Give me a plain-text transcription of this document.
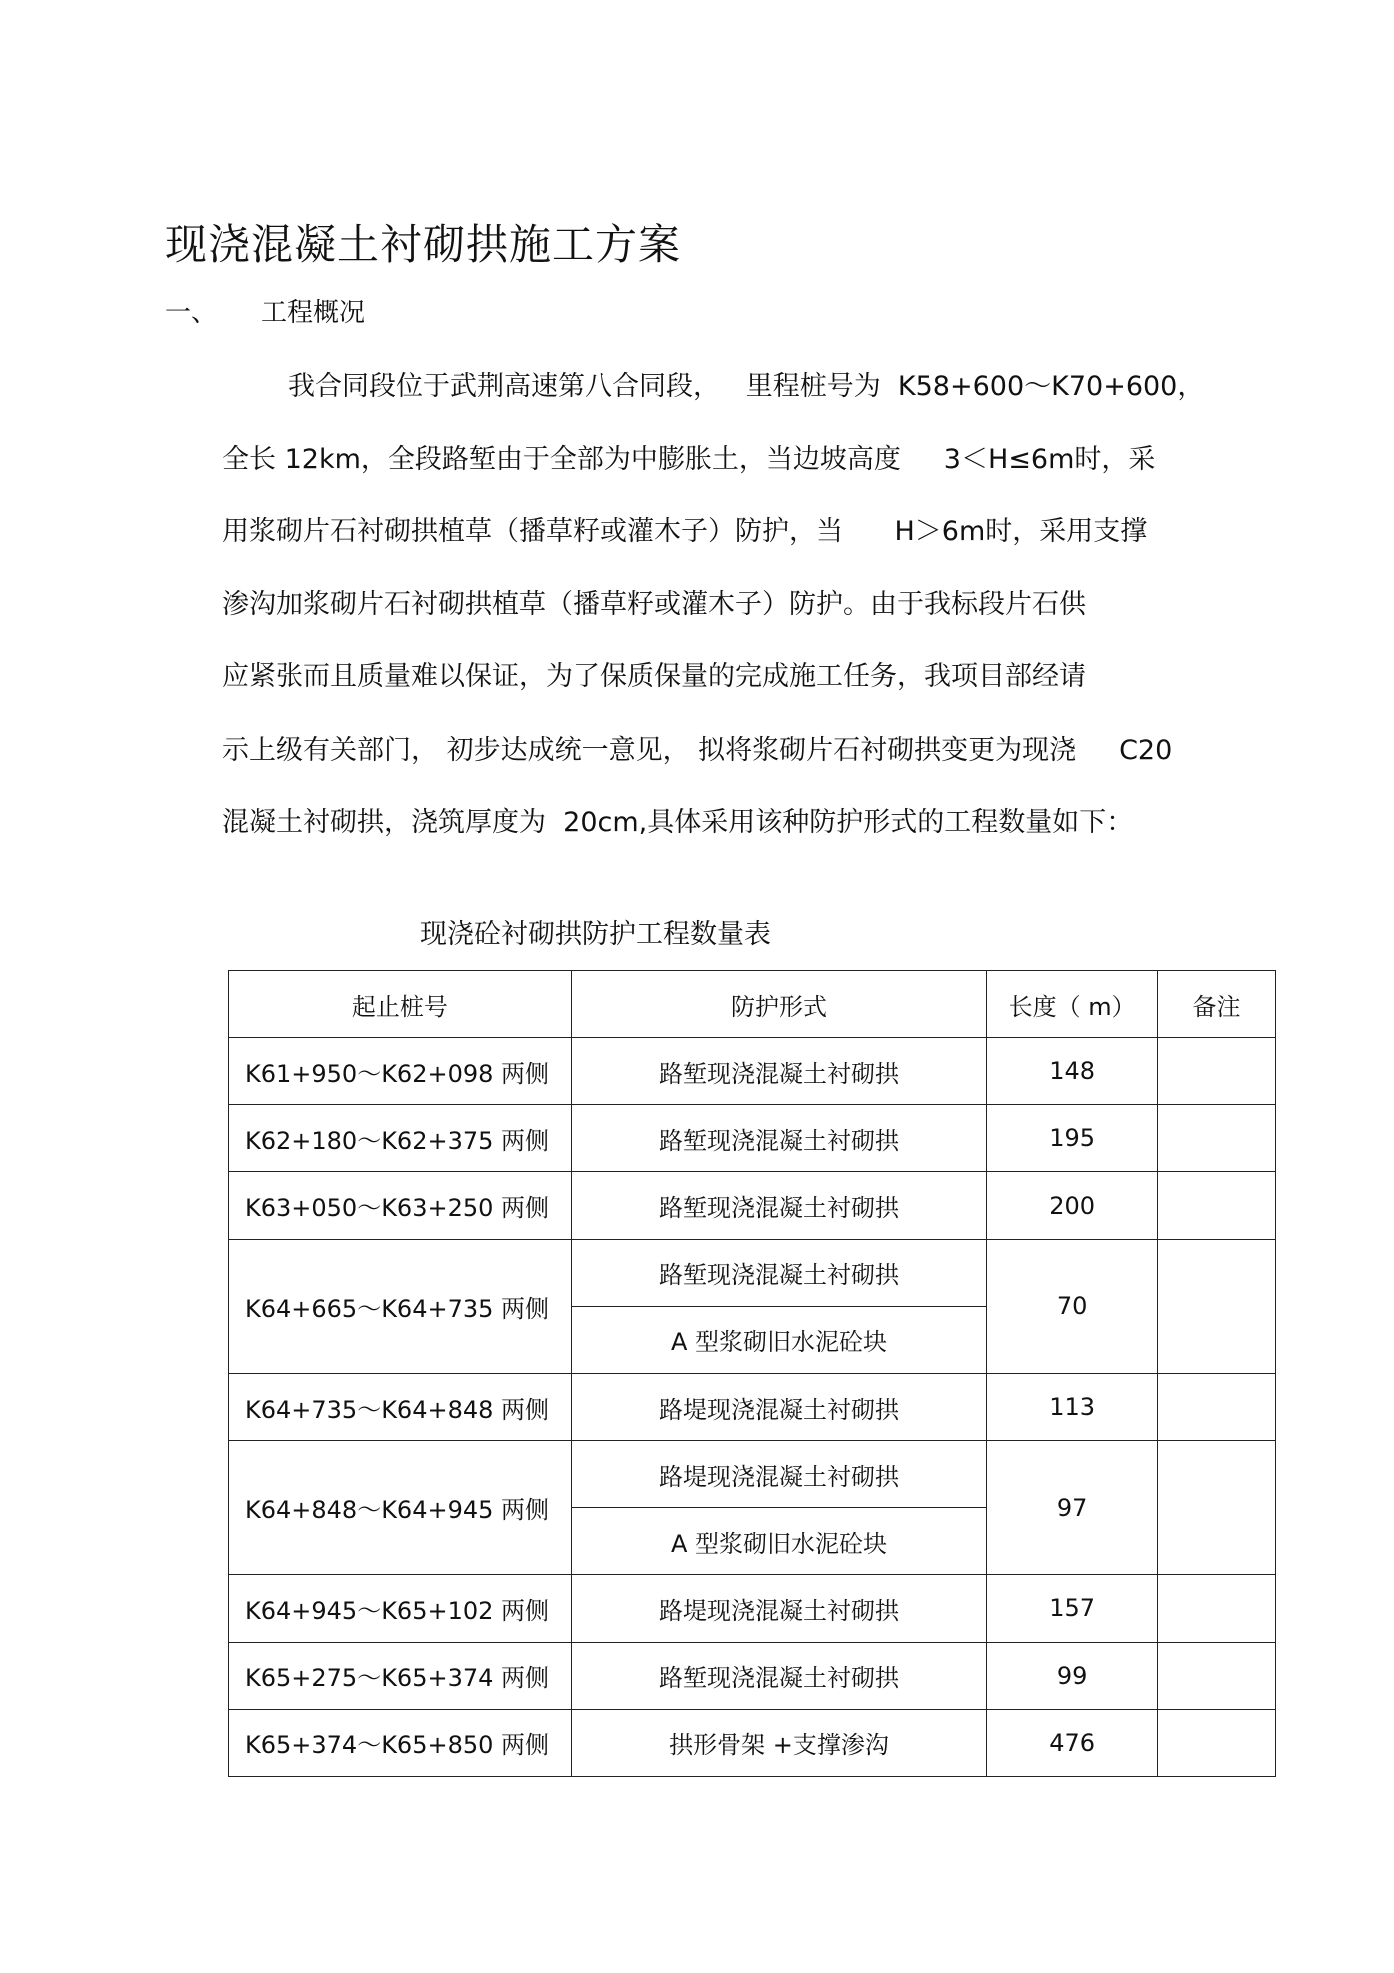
现浇混凝土衬砌拱施工方案
一、 工程概况
我合同段位于武荆高速第八合同段，   里程桩号为  K58+600～K70+600，
全长 12km，全段路堑由于全部为中膨胀土，当边坡高度     3＜H≤6m时，采
用浆砌片石衬砌拱植草（播草籽或灌木子）防护，当      H＞6m时，采用支撑
渗沟加浆砌片石衬砌拱植草（播草籽或灌木子）防护。由于我标段片石供
应紧张而且质量难以保证，为了保质保量的完成施工任务，我项目部经请
示上级有关部门， 初步达成统一意见， 拟将浆砌片石衬砌拱变更为现浇     C20
混凝土衬砌拱，浇筑厚度为  20cm,具体采用该种防护形式的工程数量如下：
现浇砼衬砌拱防护工程数量表
起止桩号	防护形式	长度（ m）	备注
K61+950～K62+098 两侧	路堑现浇混凝土衬砌拱	148	
K62+180～K62+375 两侧	路堑现浇混凝土衬砌拱	195	
K63+050～K63+250 两侧	路堑现浇混凝土衬砌拱	200	
K64+665～K64+735 两侧	路堑现浇混凝土衬砌拱	70	
	A 型浆砌旧水泥砼块		
K64+735～K64+848 两侧	路堤现浇混凝土衬砌拱	113	
K64+848～K64+945 两侧	路堤现浇混凝土衬砌拱	97	
	A 型浆砌旧水泥砼块		
K64+945～K65+102 两侧	路堤现浇混凝土衬砌拱	157	
K65+275～K65+374 两侧	路堑现浇混凝土衬砌拱	99	
K65+374～K65+850 两侧	拱形骨架 +支撑渗沟	476	
